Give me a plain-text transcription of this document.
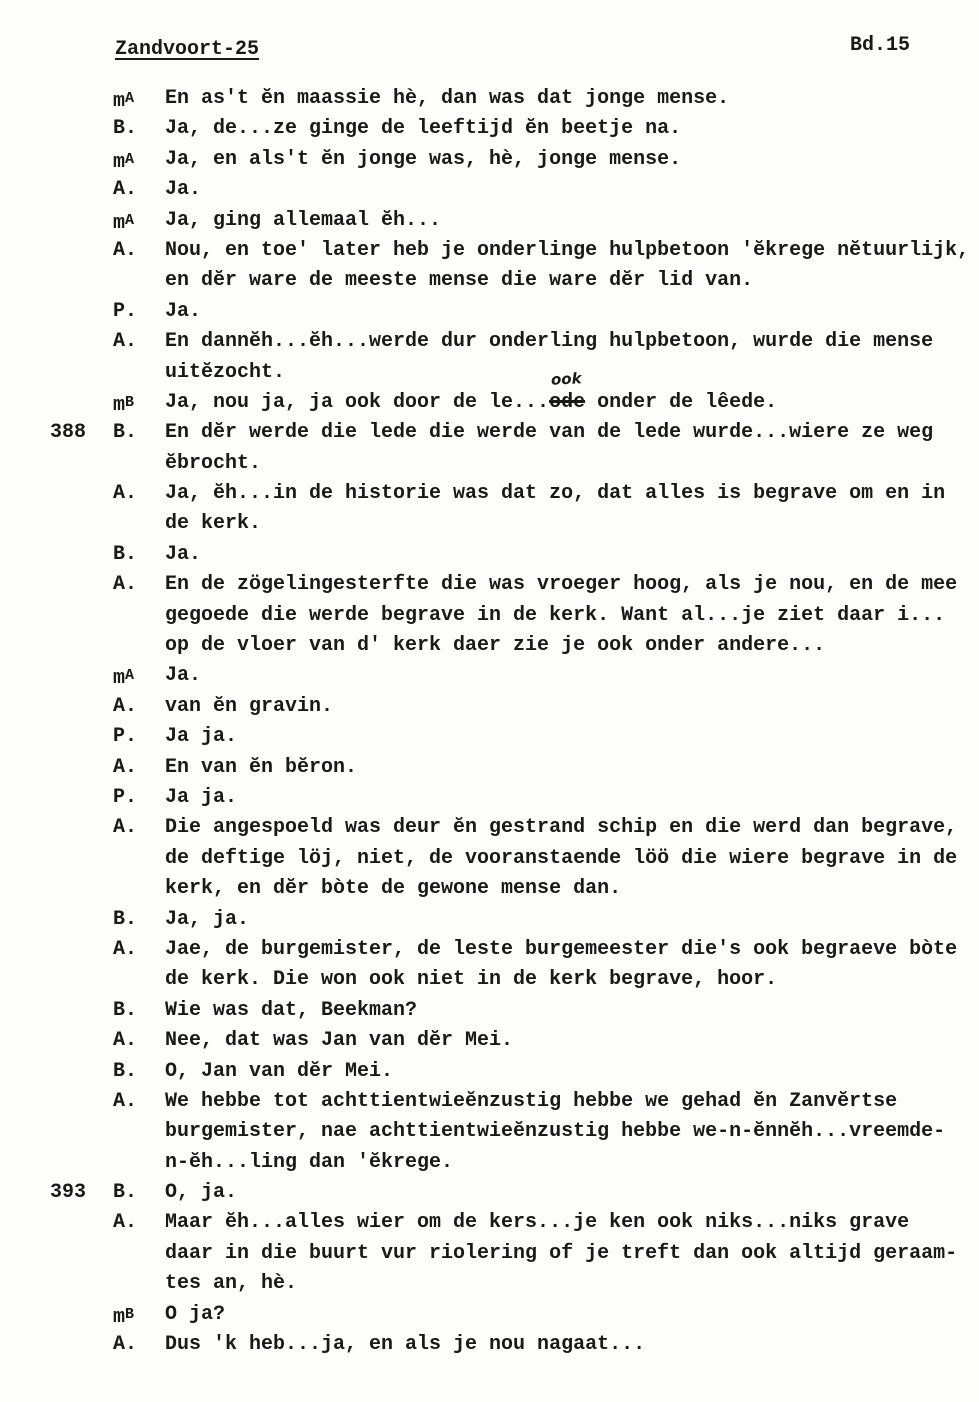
Zandvoort-25	Bd.15
$m^A$	En as't ĕn maassie hè, dan was dat jonge mense.
B.	Ja, de...ze ginge de leeftijd ĕn beetje na.
$m^A$	Ja, en als't ĕn jonge was, hè, jonge mense.
A.	Ja.
$m^A$	Ja, ging allemaal ĕh...
A.	Nou, en toe' later heb je onderlinge hulpbetoon 'ĕkrege nĕtuurlijk,
en dĕr ware de meeste mense die ware dĕr lid van.
P.	Ja.
A.	En dannĕh...ĕh...werde dur onderling hulpbetoon, wurde die mense
uitĕzocht.
$m^B$	Ja, nou ja, ja ook door de le...ode
ook
onder de lêede.
388	B.	En dĕr werde die lede die werde van de lede wurde...wiere ze weg
ĕbrocht.
A.	Ja, ĕh...in de historie was dat zo, dat alles is begrave om en in
de kerk.
B.	Ja.
A.	En de zögelingesterfte die was vroeger hoog, als je nou, en de mee
gegoede die werde begrave in de kerk. Want al...je ziet daar i...
op de vloer van d' kerk daer zie je ook onder andere...
$m^A$	Ja.
A.	van ĕn gravin.
P.	Ja ja.
A.	En van ĕn bĕron.
P.	Ja ja.
A.	Die angespoeld was deur ĕn gestrand schip en die werd dan begrave,
de deftige löj, niet, de vooranstaende löö die wiere begrave in de
kerk, en dĕr bòte de gewone mense dan.
B.	Ja, ja.
A.	Jae, de burgemister, de leste burgemeester die's ook begraeve bòte
de kerk. Die won ook niet in de kerk begrave, hoor.
B.	Wie was dat, Beekman?
A.	Nee, dat was Jan van dĕr Mei.
B.	O, Jan van dĕr Mei.
A.	We hebbe tot achttientwieĕnzustig hebbe we gehad ĕn Zanvĕrtse
burgemister, nae achttientwieĕnzustig hebbe we-n-ĕnnĕh...vreemde-
n-ĕh...ling dan 'ĕkrege.
393	B.	O, ja.
A.	Maar ĕh...alles wier om de kers...je ken ook niks...niks grave
daar in die buurt vur riolering of je treft dan ook altijd geraam-
tes an, hè.
$m^B$	O ja?
A.	Dus 'k heb...ja, en als je nou nagaat...
